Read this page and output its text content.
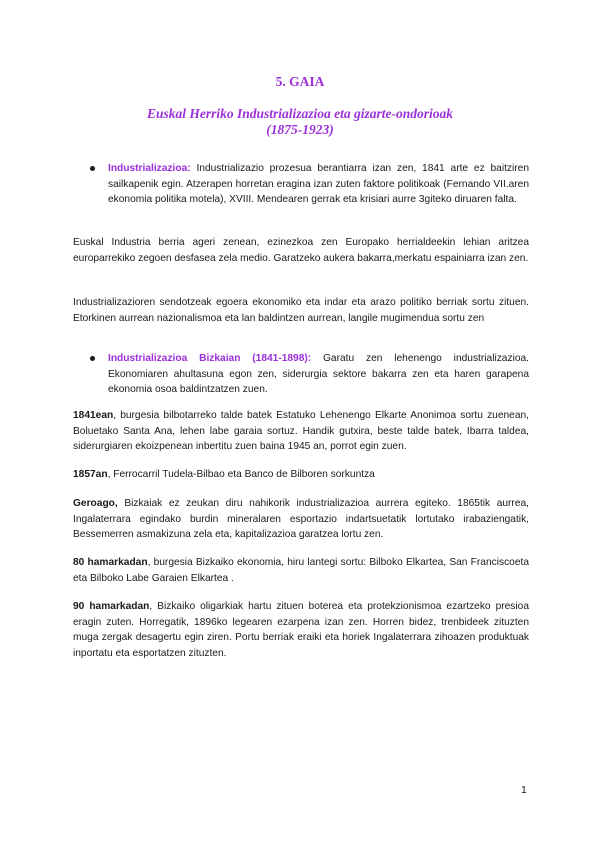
5. GAIA
Euskal Herriko Industrializazioa eta gizarte-ondorioak
(1875-1923)

Industrializazioa: Industrializazio prozesua berantiarra izan zen, 1841 arte ez baitziren sailkapenik egin. Atzerapen horretan eragina izan zuten faktore politikoak (Fernando VII.aren ekonomia politika motela), XVIII. Mendearen gerrak eta krisiari aurre 3giteko diruaren falta.

Euskal Industria berria ageri zenean, ezinezkoa zen Europako herrialdeekin lehian aritzea europarrekiko zegoen desfasea zela medio. Garatzeko aukera bakarra,merkatu espainiarra izan zen.

Industrializazioren sendotzeak egoera ekonomiko eta indar eta arazo politiko berriak sortu zituen. Etorkinen aurrean nazionalismoa eta lan baldintzen aurrean, langile mugimendua sortu zen

Industrializazioa Bizkaian (1841-1898): Garatu zen lehenengo industrializazioa. Ekonomiaren ahultasuna egon zen, siderurgia sektore bakarra zen eta haren garapena ekonomia osoa baldintzatzen zuen.

1841ean, burgesia bilbotarreko talde batek Estatuko Lehenengo Elkarte Anonimoa sortu zuenean, Boluetako Santa Ana, lehen labe garaia sortuz. Handik gutxira, beste talde batek, Ibarra taldea, siderurgiaren ekoizpenean inbertitu zuen baina 1945 an, porrot egin zuen.

1857an, Ferrocarril Tudela-Bilbao eta Banco de Bilboren sorkuntza

Geroago, Bizkaiak ez zeukan diru nahikorik industrializazioa aurrera egiteko. 1865tik aurrea, Ingalaterrara egindako burdin mineralaren esportazio indartsuetatik lortutako irabaziengatik, Bessemerren asmakizuna zela eta, kapitalizazioa garatzea lortu zen.

80 hamarkadan, burgesia Bizkaiko ekonomia, hiru lantegi sortu: Bilboko Elkartea, San Franciscoeta eta Bilboko Labe Garaien Elkartea .

90 hamarkadan, Bizkaiko oligarkiak hartu zituen boterea eta protekzionismoa ezartzeko presioa eragin zuten. Horregatik, 1896ko legearen ezarpena izan zen. Horren bidez, trenbideek zituzten muga zergak desagertu egin ziren. Portu berriak eraiki eta horiek Ingalaterrara zihoazen produktuak inportatu eta esportatzen zituzten.

1
